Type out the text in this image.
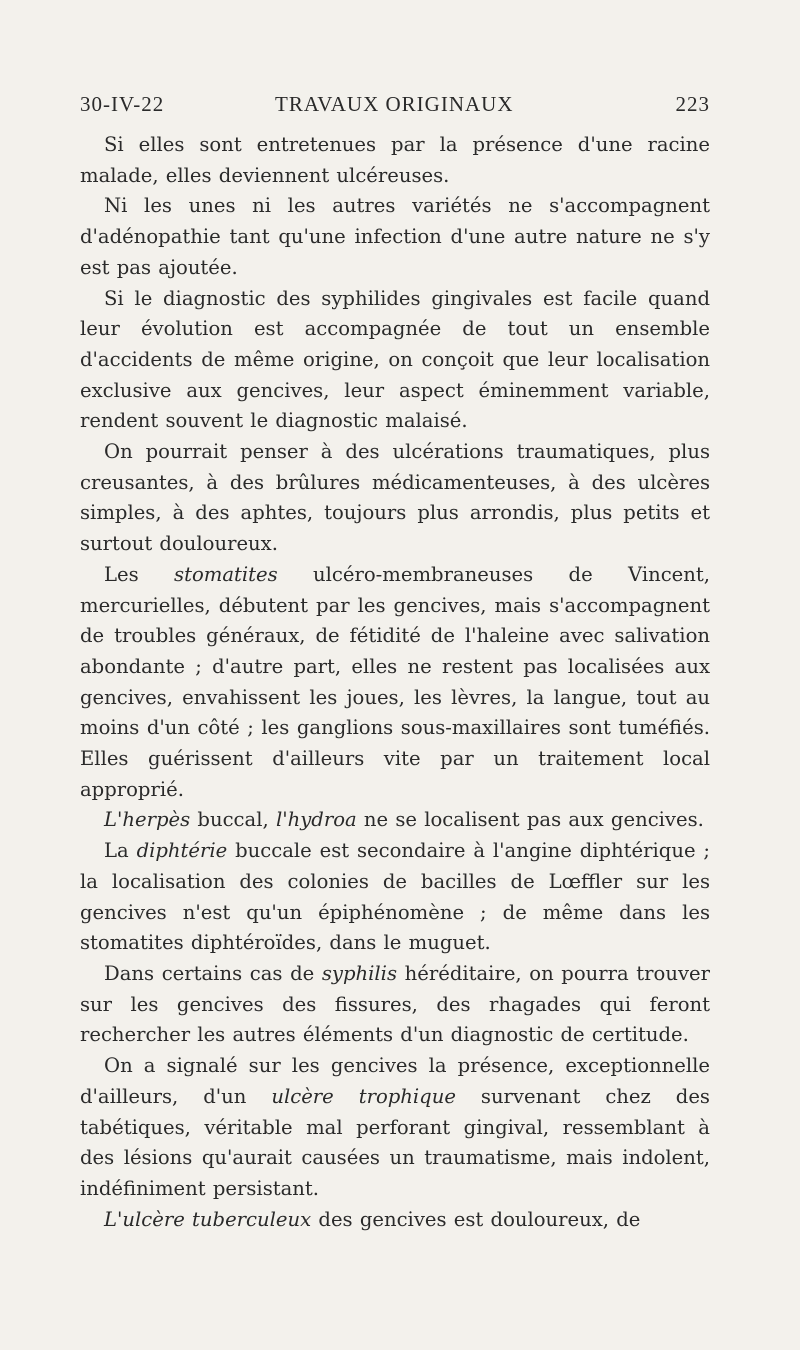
30-IV-22	TRAVAUX ORIGINAUX	223

Si elles sont entretenues par la présence d'une racine malade, elles deviennent ulcéreuses.

Ni les unes ni les autres variétés ne s'accompagnent d'adénopathie tant qu'une infection d'une autre nature ne s'y est pas ajoutée.

Si le diagnostic des syphilides gingivales est facile quand leur évolution est accompagnée de tout un ensemble d'accidents de même origine, on conçoit que leur localisation exclusive aux gencives, leur aspect éminemment variable, rendent souvent le diagnostic malaisé.

On pourrait penser à des ulcérations traumatiques, plus creusantes, à des brûlures médicamenteuses, à des ulcères simples, à des aphtes, toujours plus arrondis, plus petits et surtout douloureux.

Les stomatites ulcéro-membraneuses de Vincent, mercurielles, débutent par les gencives, mais s'accompagnent de troubles généraux, de fétidité de l'haleine avec salivation abondante ; d'autre part, elles ne restent pas localisées aux gencives, envahissent les joues, les lèvres, la langue, tout au moins d'un côté ; les ganglions sous-maxillaires sont tuméfiés. Elles guérissent d'ailleurs vite par un traitement local approprié.

L'herpès buccal, l'hydroa ne se localisent pas aux gencives.

La diphtérie buccale est secondaire à l'angine diphtérique ; la localisation des colonies de bacilles de Lœffler sur les gencives n'est qu'un épiphénomène ; de même dans les stomatites diphtéroïdes, dans le muguet.

Dans certains cas de syphilis héréditaire, on pourra trouver sur les gencives des fissures, des rhagades qui feront rechercher les autres éléments d'un diagnostic de certitude.

On a signalé sur les gencives la présence, exceptionnelle d'ailleurs, d'un ulcère trophique survenant chez des tabétiques, véritable mal perforant gingival, ressemblant à des lésions qu'aurait causées un traumatisme, mais indolent, indéfiniment persistant.

L'ulcère tuberculeux des gencives est douloureux, de
